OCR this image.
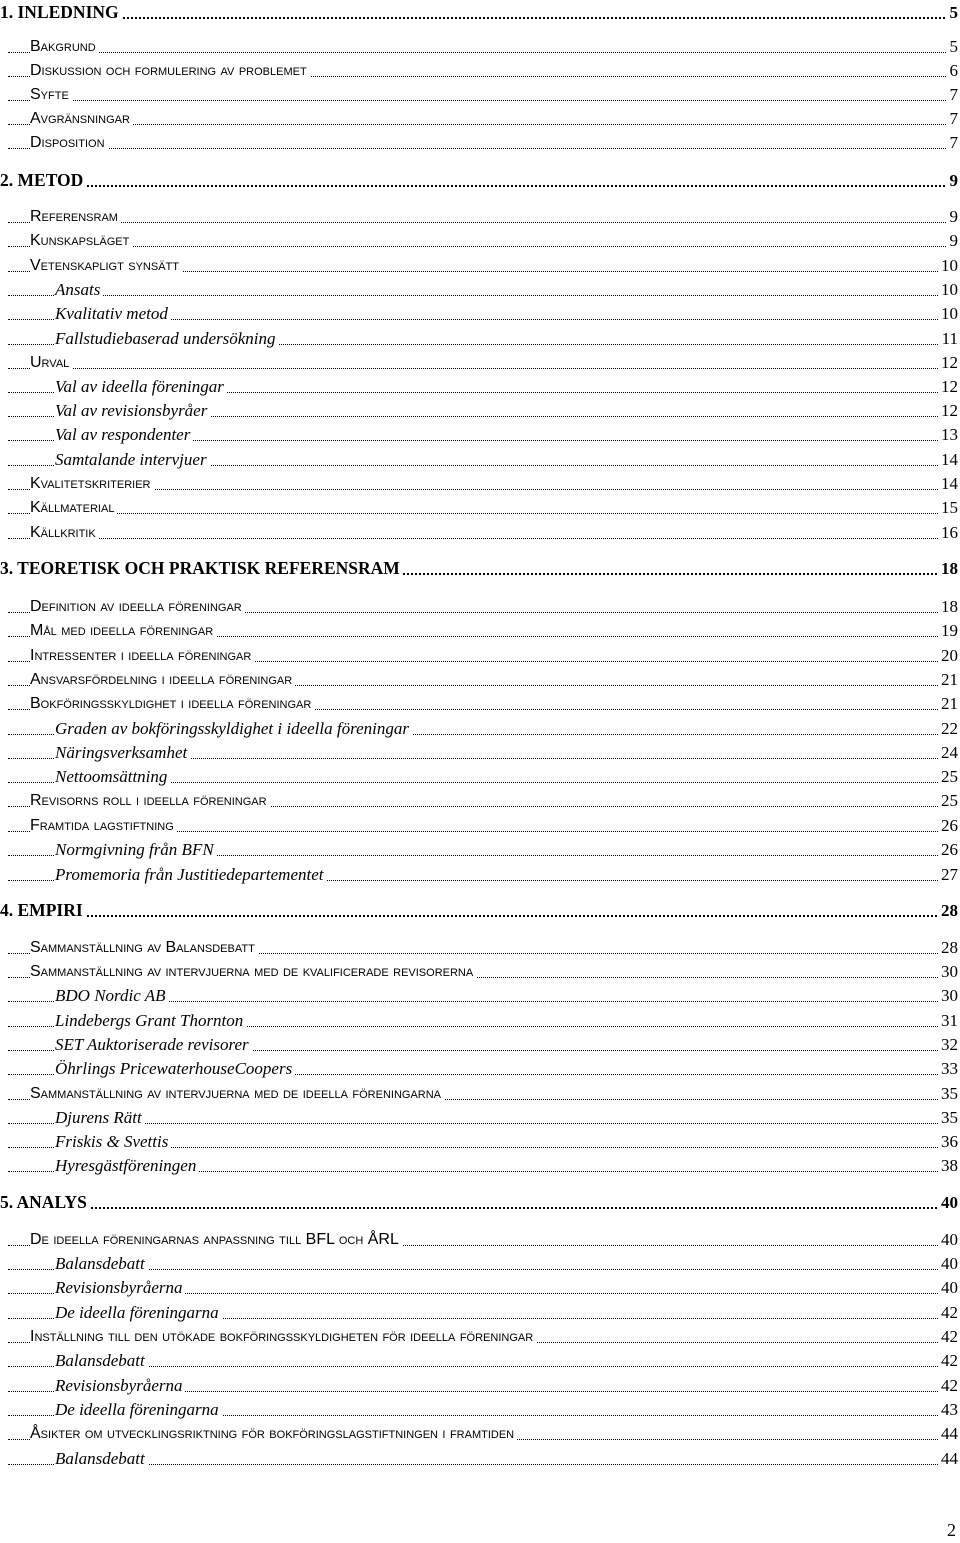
1. INLEDNING	5
Bakgrund	5
Diskussion och formulering av problemet	6
Syfte	7
Avgränsningar	7
Disposition	7
2. METOD	9
Referensram	9
Kunskapsläget	9
Vetenskapligt synsätt	10
Ansats	10
Kvalitativ metod	10
Fallstudiebaserad undersökning	11
Urval	12
Val av ideella föreningar	12
Val av revisionsbyråer	12
Val av respondenter	13
Samtalande intervjuer	14
Kvalitetskriterier	14
Källmaterial	15
Källkritik	16
3. TEORETISK OCH PRAKTISK REFERENSRAM	18
Definition av ideella föreningar	18
Mål med ideella föreningar	19
Intressenter i ideella föreningar	20
Ansvarsfördelning i ideella föreningar	21
Bokföringsskyldighet i ideella föreningar	21
Graden av bokföringsskyldighet i ideella föreningar	22
Näringsverksamhet	24
Nettoomsättning	25
Revisorns roll i ideella föreningar	25
Framtida lagstiftning	26
Normgivning från BFN	26
Promemoria från Justitiedepartementet	27
4. EMPIRI	28
Sammanställning av Balansdebatt	28
Sammanställning av intervjuerna med de kvalificerade revisorerna	30
BDO Nordic AB	30
Lindebergs Grant Thornton	31
SET Auktoriserade revisorer	32
Öhrlings PricewaterhouseCoopers	33
Sammanställning av intervjuerna med de ideella föreningarna	35
Djurens Rätt	35
Friskis & Svettis	36
Hyresgästföreningen	38
5. ANALYS	40
De ideella föreningarnas anpassning till BFL och ÅRL	40
Balansdebatt	40
Revisionsbyråerna	40
De ideella föreningarna	42
Inställning till den utökade bokföringsskyldigheten för ideella föreningar	42
Balansdebatt	42
Revisionsbyråerna	42
De ideella föreningarna	43
Åsikter om utvecklingsriktning för bokföringslagstiftningen i framtiden	44
Balansdebatt	44
2
